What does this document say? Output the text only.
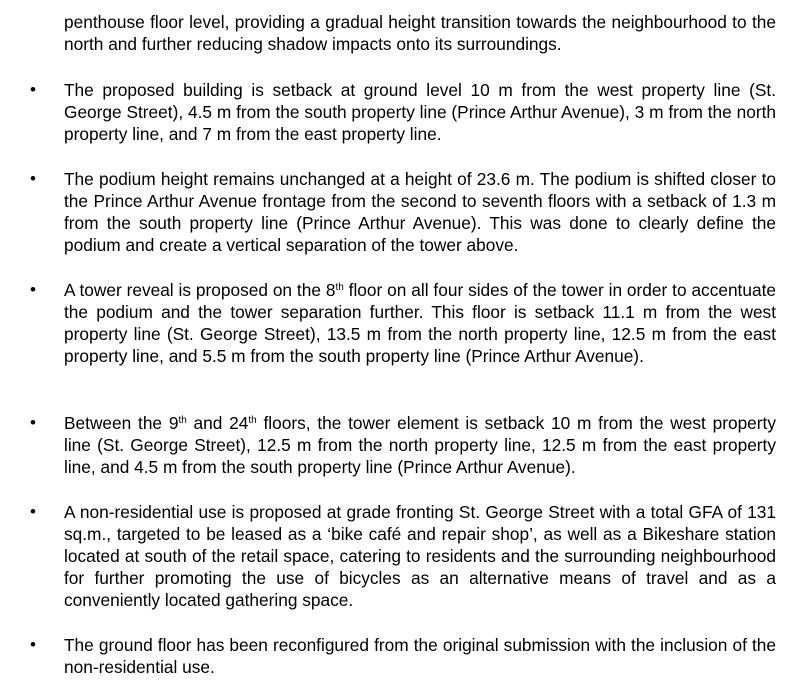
penthouse floor level, providing a gradual height transition towards the neighbourhood to the north and further reducing shadow impacts onto its surroundings.

•	The proposed building is setback at ground level 10 m from the west property line (St. George Street), 4.5 m from the south property line (Prince Arthur Avenue), 3 m from the north property line, and 7 m from the east property line.

•	The podium height remains unchanged at a height of 23.6 m. The podium is shifted closer to the Prince Arthur Avenue frontage from the second to seventh floors with a setback of 1.3 m from the south property line (Prince Arthur Avenue). This was done to clearly define the podium and create a vertical separation of the tower above.

•	A tower reveal is proposed on the 8th floor on all four sides of the tower in order to accentuate the podium and the tower separation further. This floor is setback 11.1 m from the west property line (St. George Street), 13.5 m from the north property line, 12.5 m from the east property line, and 5.5 m from the south property line (Prince Arthur Avenue).

•	Between the 9th and 24th floors, the tower element is setback 10 m from the west property line (St. George Street), 12.5 m from the north property line, 12.5 m from the east property line, and 4.5 m from the south property line (Prince Arthur Avenue).

•	A non-residential use is proposed at grade fronting St. George Street with a total GFA of 131 sq.m., targeted to be leased as a ‘bike café and repair shop’, as well as a Bikeshare station located at south of the retail space, catering to residents and the surrounding neighbourhood for further promoting the use of bicycles as an alternative means of travel and as a conveniently located gathering space.

•	The ground floor has been reconfigured from the original submission with the inclusion of the non-residential use.
